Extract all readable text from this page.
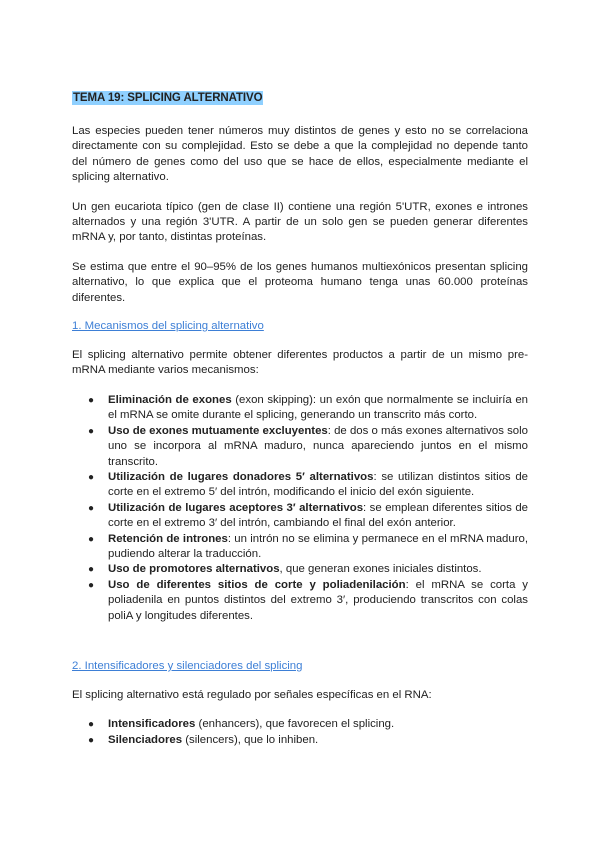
TEMA 19: SPLICING ALTERNATIVO

Las especies pueden tener números muy distintos de genes y esto no se correlaciona directamente con su complejidad. Esto se debe a que la complejidad no depende tanto del número de genes como del uso que se hace de ellos, especialmente mediante el splicing alternativo.

Un gen eucariota típico (gen de clase II) contiene una región 5'UTR, exones e intrones alternados y una región 3'UTR. A partir de un solo gen se pueden generar diferentes mRNA y, por tanto, distintas proteínas.

Se estima que entre el 90–95% de los genes humanos multiexónicos presentan splicing alternativo, lo que explica que el proteoma humano tenga unas 60.000 proteínas diferentes.

1. Mecanismos del splicing alternativo

El splicing alternativo permite obtener diferentes productos a partir de un mismo pre-mRNA mediante varios mecanismos:

● Eliminación de exones (exon skipping): un exón que normalmente se incluiría en el mRNA se omite durante el splicing, generando un transcrito más corto.
● Uso de exones mutuamente excluyentes: de dos o más exones alternativos solo uno se incorpora al mRNA maduro, nunca apareciendo juntos en el mismo transcrito.
● Utilización de lugares donadores 5′ alternativos: se utilizan distintos sitios de corte en el extremo 5′ del intrón, modificando el inicio del exón siguiente.
● Utilización de lugares aceptores 3′ alternativos: se emplean diferentes sitios de corte en el extremo 3′ del intrón, cambiando el final del exón anterior.
● Retención de intrones: un intrón no se elimina y permanece en el mRNA maduro, pudiendo alterar la traducción.
● Uso de promotores alternativos, que generan exones iniciales distintos.
● Uso de diferentes sitios de corte y poliadenilación: el mRNA se corta y poliadenila en puntos distintos del extremo 3′, produciendo transcritos con colas poliA y longitudes diferentes.
2. Intensificadores y silenciadores del splicing

El splicing alternativo está regulado por señales específicas en el RNA:

● Intensificadores (enhancers), que favorecen el splicing.
● Silenciadores (silencers), que lo inhiben.
